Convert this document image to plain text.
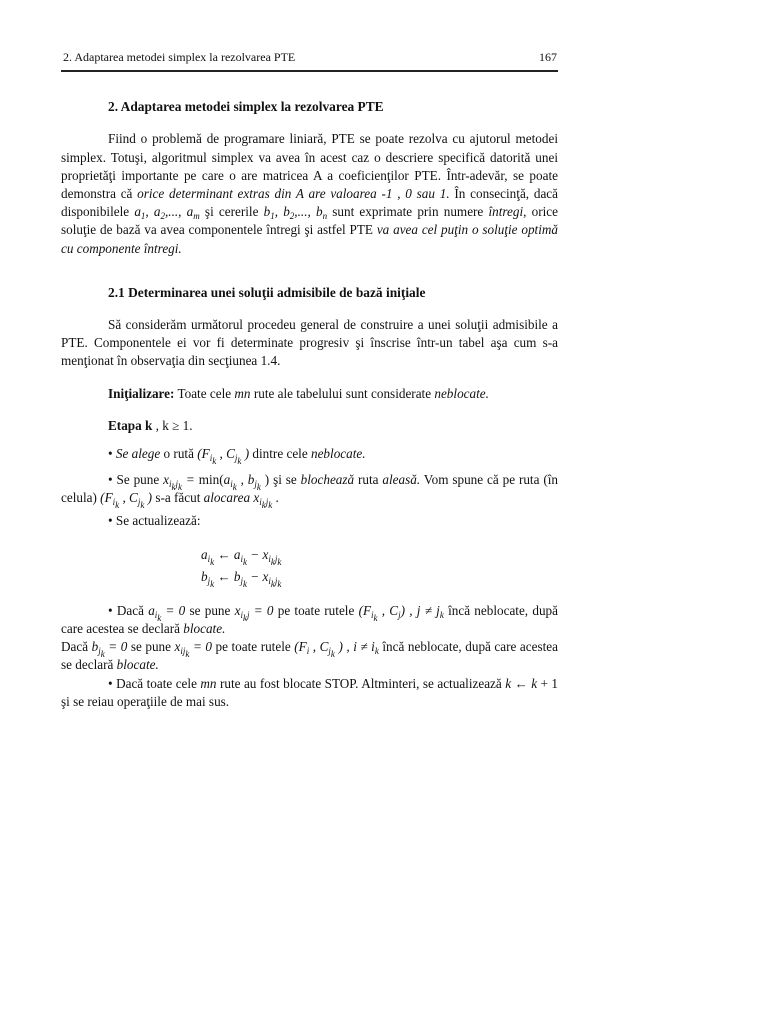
2. Adaptarea metodei simplex la rezolvarea PTE	167
2. Adaptarea metodei simplex la rezolvarea PTE

Fiind o problemă de programare liniară, PTE se poate rezolva cu ajutorul metodei simplex. Totuşi, algoritmul simplex va avea în acest caz o descriere specifică datorită unei proprietăţi importante pe care o are matricea A a coeficienţilor PTE. Într-adevăr, se poate demonstra că orice determinant extras din A are valoarea -1 , 0 sau 1. În consecinţă, dacă disponibilele $a_1$, $a_2$,..., $a_m$ şi cererile $b_1$, $b_2$,..., $b_n$ sunt exprimate prin numere întregi, orice soluţie de bază va avea componentele întregi şi astfel PTE va avea cel puţin o soluţie optimă cu componente întregi.

2.1 Determinarea unei soluţii admisibile de bază iniţiale

Să considerăm următorul procedeu general de construire a unei soluţii admisibile a PTE. Componentele ei vor fi determinate progresiv şi înscrise într-un tabel aşa cum s-a menţionat în observaţia din secţiunea 1.4.

Iniţializare: Toate cele mn rute ale tabelului sunt considerate neblocate.

Etapa k , k ≥ 1.

• Se alege o rută ($F_{i_k}$ , $C_{j_k}$ ) dintre cele neblocate.

• Se pune $x_{i_kj_k} = \min(a_{i_k}$ , $b_{j_k}$ ) şi se blochează ruta aleasă. Vom spune că pe ruta (în celula) ($F_{i_k}$ , $C_{j_k}$ ) s-a făcut alocarea $x_{i_kj_k}$ .

• Se actualizează:

$a_{i_k}$ ← $a_{i_k} - x_{i_kj_k}$
$b_{j_k}$ ← $b_{j_k} - x_{i_kj_k}$

• Dacă $a_{i_k} = 0$ se pune $x_{i_kj} = 0$ pe toate rutele ($F_{i_k}$ , $C_j$) , $j \ne j_k$ încă neblocate, după care acestea se declară blocate.

Dacă $b_{j_k} = 0$ se pune $x_{ij_k} = 0$ pe toate rutele ($F_i$ , $C_{j_k}$ ) , $i \ne i_k$ încă neblocate, după care acestea se declară blocate.

• Dacă toate cele mn rute au fost blocate STOP. Altminteri, se actualizează k ← k + 1 şi se reiau operaţiile de mai sus.
